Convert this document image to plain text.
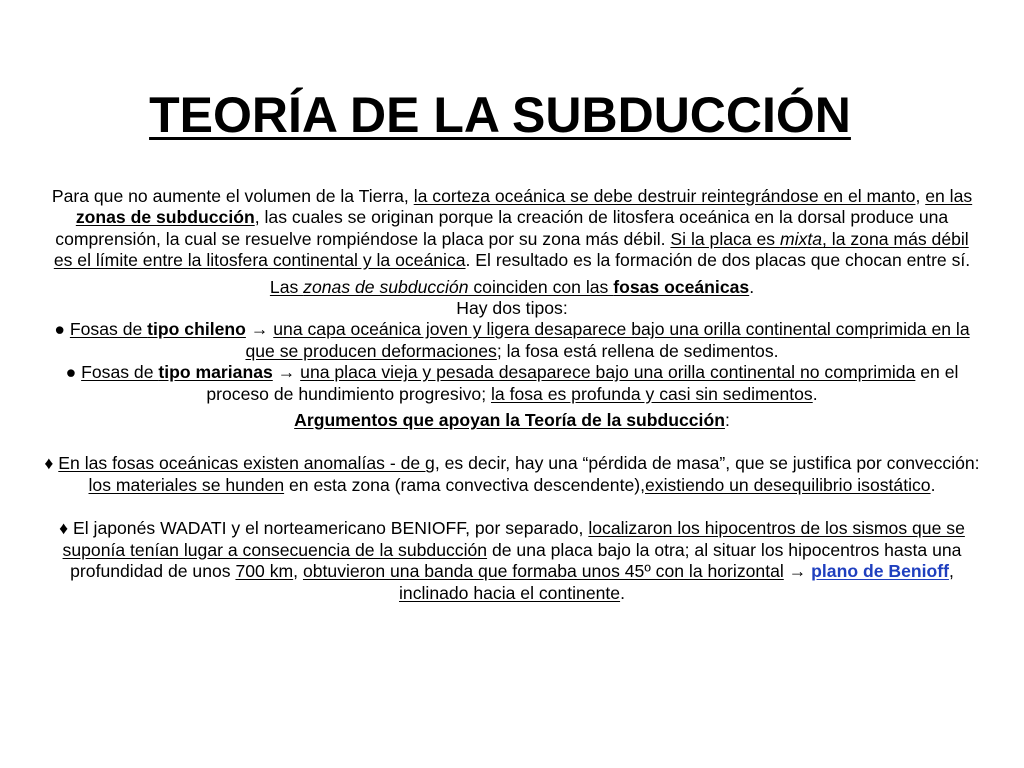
TEORÍA DE LA SUBDUCCIÓN

Para que no aumente el volumen de la Tierra, la corteza oceánica se debe destruir reintegrándose en el manto, en las zonas de subducción, las cuales se originan porque la creación de litosfera oceánica en la dorsal produce una comprensión, la cual se resuelve rompiéndose la placa por su zona más débil. Si la placa es mixta, la zona más débil es el límite entre la litosfera continental y la oceánica. El resultado es la formación de dos placas que chocan entre sí.

Las zonas de subducción coinciden con las fosas oceánicas.

Hay dos tipos:

● Fosas de tipo chileno → una capa oceánica joven y ligera desaparece bajo una orilla continental comprimida en la que se producen deformaciones; la fosa está rellena de sedimentos.

● Fosas de tipo marianas → una placa vieja y pesada desaparece bajo una orilla continental no comprimida en el proceso de hundimiento progresivo; la fosa es profunda y casi sin sedimentos.

Argumentos que apoyan la Teoría de la subducción:

♦ En las fosas oceánicas existen anomalías - de g, es decir, hay una “pérdida de masa”, que se justifica por convección: los materiales se hunden en esta zona (rama convectiva descendente),existiendo un desequilibrio isostático.

♦ El japonés WADATI y el norteamericano BENIOFF, por separado, localizaron los hipocentros de los sismos que se suponía tenían lugar a consecuencia de la subducción de una placa bajo la otra; al situar los hipocentros hasta una profundidad de unos 700 km, obtuvieron una banda que formaba unos 45º con la horizontal → plano de Benioff, inclinado hacia el continente.
